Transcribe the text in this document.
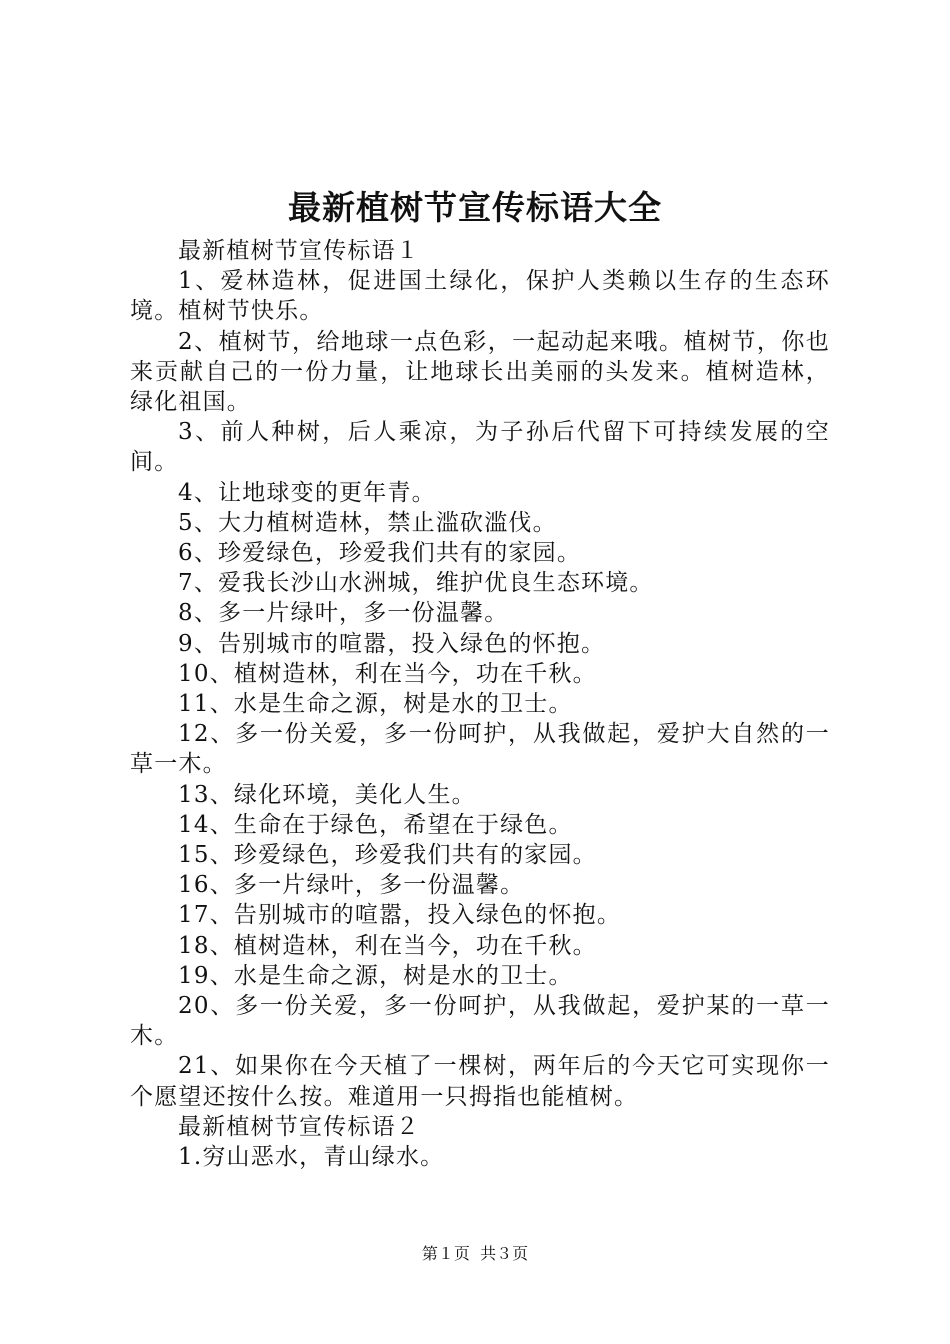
最新植树节宣传标语大全

最新植树节宣传标语１

1、爱林造林，促进国土绿化，保护人类赖以生存的生态环境。植树节快乐。

2、植树节，给地球一点色彩，一起动起来哦。植树节，你也来贡献自己的一份力量，让地球长出美丽的头发来。植树造林，绿化祖国。

3、前人种树，后人乘凉，为子孙后代留下可持续发展的空间。

4、让地球变的更年青。

5、大力植树造林，禁止滥砍滥伐。

6、珍爱绿色，珍爱我们共有的家园。

7、爱我长沙山水洲城，维护优良生态环境。

8、多一片绿叶，多一份温馨。

9、告别城市的喧嚣，投入绿色的怀抱。

10、植树造林，利在当今，功在千秋。

11、水是生命之源，树是水的卫士。

12、多一份关爱，多一份呵护，从我做起，爱护大自然的一草一木。

13、绿化环境，美化人生。

14、生命在于绿色，希望在于绿色。

15、珍爱绿色，珍爱我们共有的家园。

16、多一片绿叶，多一份温馨。

17、告别城市的喧嚣，投入绿色的怀抱。

18、植树造林，利在当今，功在千秋。

19、水是生命之源，树是水的卫士。

20、多一份关爱，多一份呵护，从我做起，爱护某的一草一木。

21、如果你在今天植了一棵树，两年后的今天它可实现你一个愿望还按什么按。难道用一只拇指也能植树。

最新植树节宣传标语２

1.穷山恶水，青山绿水。

第１页 共３页
